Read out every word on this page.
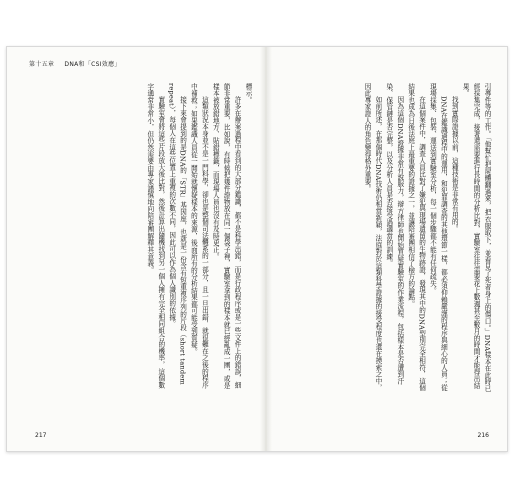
第十五章 DNA和「CSI效應」

標示。

許多在辦案過程中看到的大部分鑑識，都不是科學出錯，而是行政程序或是一些文件上的錯誤，細節非常重要，比如說，有時候把幾件證物放在同一個袋子裡，實驗室拿到的樣本就已經亂成一團，或是樣本被放錯地方、貼錯標籤，而現場人員也沒有及時更正。

這類狀況本身並不是一門科學，卻也是整個司法體系的一部分，且一旦出錯，就很難在之後的程序中補救；如果鑑識人員從一開始就懷疑樣本的來源，後面所有的分析結果都可能受到質疑。

接下來會提到的是DNA的「STR」基因座，也就是一份含有短重複序列的片段（short tandem repeat），每個人在這些位置上重複的次數不同，因此可以作為個人識別的依據。

實驗室會將這些片段放大後比對，然後計算出隨機找到另一個人擁有完全相同組合的機率，這個數字通常非常小，但仍然需要由專家謹慎地向陪審團解釋其意義。

217

引導件等的工作。「他幫忙把屍體翻過來，把衣服取下，並看見了死者身上的傷口。」DNA樣本在此時已經採集完成，接著還需要進行長時間的分析比對，實驗室往往需要花上數週甚至數月的時間才能得出結果。

找到實際證據以前，這種技術是非常有用的。

DNA在鑑識過程中的運用，和犯罪調查的其他環節一樣，都必須仰賴嚴謹的程序與細心的人員；從現場採集、包裝、運送到實驗室分析，每一個步驟都不能有任何疏失。

在這個案件中，調查人員比對了嫌犯與現場遺留的生物跡證，發現其中的DNA型別完全相符，這個結果也成為日後法庭上最重要的證據之一，並讓陪審團相信了檢方的論點。

因為這個DNA證據非常有說服力，辯方律師也開始質疑實驗室的作業流程，包括樣本是否遭到汙染、保管鏈是否完整，以及分析人員是否接受過適當的訓練。

如前所述，在那個時代DNA技術仍相當新穎，法庭對於這類科學證據的接受程度也還在摸索之中，因此專家證人的角色變得格外重要。

216
